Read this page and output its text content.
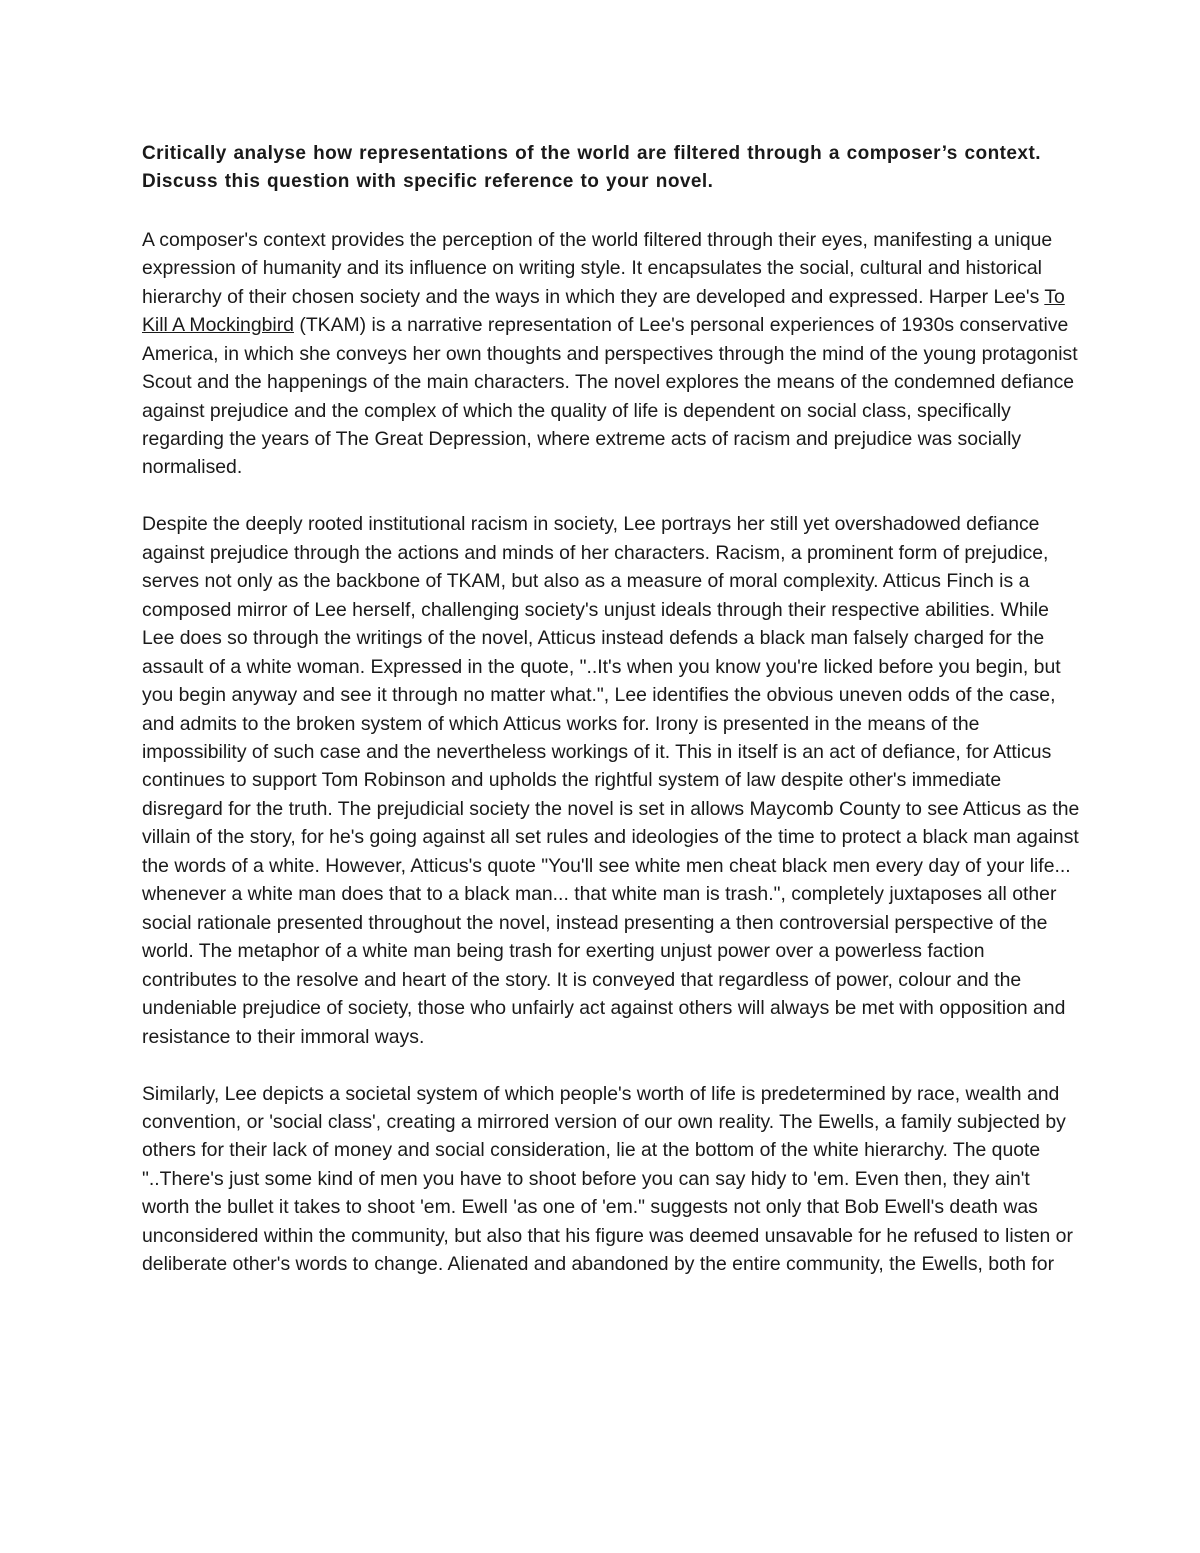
Critically analyse how representations of the world are filtered through a composer’s context. Discuss this question with specific reference to your novel.

A composer's context provides the perception of the world filtered through their eyes, manifesting a unique expression of humanity and its influence on writing style. It encapsulates the social, cultural and historical hierarchy of their chosen society and the ways in which they are developed and expressed. Harper Lee's To Kill A Mockingbird (TKAM) is a narrative representation of Lee's personal experiences of 1930s conservative America, in which she conveys her own thoughts and perspectives through the mind of the young protagonist Scout and the happenings of the main characters. The novel explores the means of the condemned defiance against prejudice and the complex of which the quality of life is dependent on social class, specifically regarding the years of The Great Depression, where extreme acts of racism and prejudice was socially normalised.

Despite the deeply rooted institutional racism in society, Lee portrays her still yet overshadowed defiance against prejudice through the actions and minds of her characters. Racism, a prominent form of prejudice, serves not only as the backbone of TKAM, but also as a measure of moral complexity. Atticus Finch is a composed mirror of Lee herself, challenging society's unjust ideals through their respective abilities. While Lee does so through the writings of the novel, Atticus instead defends a black man falsely charged for the assault of a white woman. Expressed in the quote, "..It's when you know you're licked before you begin, but you begin anyway and see it through no matter what.", Lee identifies the obvious uneven odds of the case, and admits to the broken system of which Atticus works for. Irony is presented in the means of the impossibility of such case and the nevertheless workings of it. This in itself is an act of defiance, for Atticus continues to support Tom Robinson and upholds the rightful system of law despite other's immediate disregard for the truth. The prejudicial society the novel is set in allows Maycomb County to see Atticus as the villain of the story, for he's going against all set rules and ideologies of the time to protect a black man against the words of a white. However, Atticus's quote "You'll see white men cheat black men every day of your life... whenever a white man does that to a black man... that white man is trash.", completely juxtaposes all other social rationale presented throughout the novel, instead presenting a then controversial perspective of the world. The metaphor of a white man being trash for exerting unjust power over a powerless faction contributes to the resolve and heart of the story. It is conveyed that regardless of power, colour and the undeniable prejudice of society, those who unfairly act against others will always be met with opposition and resistance to their immoral ways.

Similarly, Lee depicts a societal system of which people's worth of life is predetermined by race, wealth and convention, or 'social class', creating a mirrored version of our own reality. The Ewells, a family subjected by others for their lack of money and social consideration, lie at the bottom of the white hierarchy. The quote "..There's just some kind of men you have to shoot before you can say hidy to 'em. Even then, they ain't worth the bullet it takes to shoot 'em. Ewell 'as one of 'em." suggests not only that Bob Ewell's death was unconsidered within the community, but also that his figure was deemed unsavable for he refused to listen or deliberate other's words to change. Alienated and abandoned by the entire community, the Ewells, both for
